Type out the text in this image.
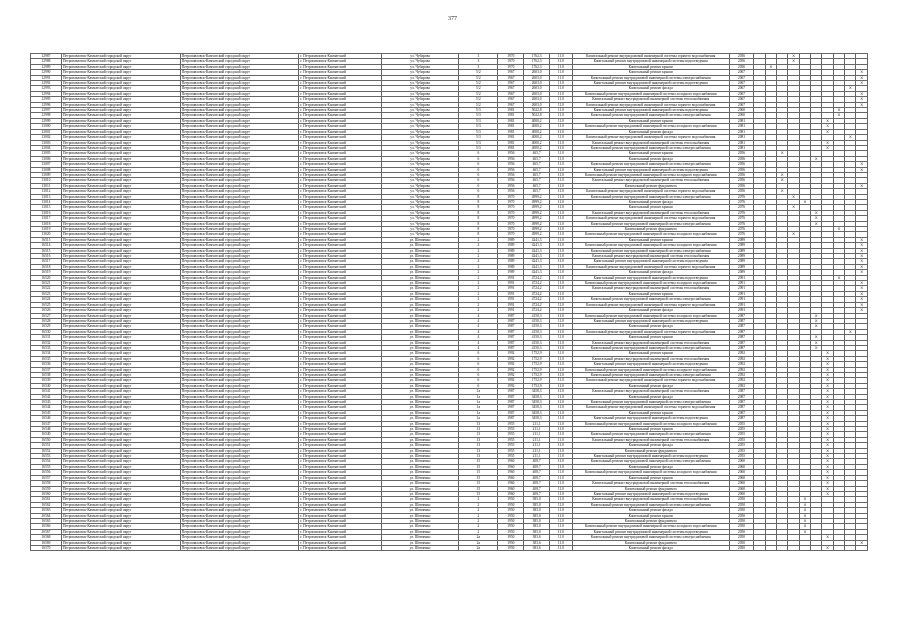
377
12987	Петропавловск-Камчатский городской округ	Петропавловск-Камчатский городской округ	г. Петропавловск-Камчатский	ул. Чубарова	3	1970	1762,3	11.0	Капитальный ремонт внутридомовой инженерной системы горячего водоснабжения	2056				X						
12988	Петропавловск-Камчатский городской округ	Петропавловск-Камчатский городской округ	г. Петропавловск-Камчатский	ул. Чубарова	3	1970	1762,3	11.0	Капитальный ремонт внутридомовой инженерной системы водоотведения	2056				X						
12989	Петропавловск-Камчатский городской округ	Петропавловск-Камчатский городской округ	г. Петропавловск-Камчатский	ул. Чубарова	3	1970	1762,3	11.0	Капитальный ремонт крыши	2056		X								
12990	Петропавловск-Камчатский городской округ	Петропавловск-Камчатский городской округ	г. Петропавловск-Камчатский	ул. Чубарова	5/2	1967	2603,0	11.0	Капитальный ремонт крыши	2067										X
12991	Петропавловск-Камчатский городской округ	Петропавловск-Камчатский городской округ	г. Петропавловск-Камчатский	ул. Чубарова	5/2	1967	2603,0	11.0	Капитальный ремонт внутридомовой инженерной системы электроснабжения	2067										X
12992	Петропавловск-Камчатский городской округ	Петропавловск-Камчатский городской округ	г. Петропавловск-Камчатский	ул. Чубарова	5/2	1967	2603,0	11.0	Капитальный ремонт внутридомовой инженерной системы водоотведения	2067										X
12993	Петропавловск-Камчатский городской округ	Петропавловск-Камчатский городской округ	г. Петропавловск-Камчатский	ул. Чубарова	5/2	1967	2603,0	11.0	Капитальный ремонт фасада	2067									X	
12994	Петропавловск-Камчатский городской округ	Петропавловск-Камчатский городской округ	г. Петропавловск-Камчатский	ул. Чубарова	5/2	1967	2603,0	11.0	Капитальный ремонт внутридомовой инженерной системы холодного водоснабжения	2067										X
12995	Петропавловск-Камчатский городской округ	Петропавловск-Камчатский городской округ	г. Петропавловск-Камчатский	ул. Чубарова	5/2	1967	2603,0	11.0	Капитальный ремонт внутридомовой инженерной системы теплоснабжения	2067										X
12996	Петропавловск-Камчатский городской округ	Петропавловск-Камчатский городской округ	г. Петропавловск-Камчатский	ул. Чубарова	5/2	1967	2603,0	11.0	Капитальный ремонт внутридомовой инженерной системы горячего водоснабжения	2067										X
12997	Петропавловск-Камчатский городской округ	Петропавловск-Камчатский городской округ	г. Петропавловск-Камчатский	ул. Чубарова	5/3	1981	5022,8	11.0	Капитальный ремонт внутридомовой инженерной системы водоотведения	2060								X		
12998	Петропавловск-Камчатский городской округ	Петропавловск-Камчатский городской округ	г. Петропавловск-Камчатский	ул. Чубарова	5/3	1981	5022,8	11.0	Капитальный ремонт внутридомовой инженерной системы электроснабжения	2060								X		
12999	Петропавловск-Камчатский городской округ	Петропавловск-Камчатский городской округ	г. Петропавловск-Камчатский	ул. Чубарова	5/3	1981	4000,2	11.0	Капитальный ремонт крыши	2081							X			
13000	Петропавловск-Камчатский городской округ	Петропавловск-Камчатский городской округ	г. Петропавловск-Камчатский	ул. Чубарова	5/3	1981	4000,2	11.0	Капитальный ремонт внутридомовой инженерной системы холодного водоснабжения	2081							X			
13001	Петропавловск-Камчатский городской округ	Петропавловск-Камчатский городской округ	г. Петропавловск-Камчатский	ул. Чубарова	5/3	1981	4000,2	11.0	Капитальный ремонт фасада	2081							X			
13002	Петропавловск-Камчатский городской округ	Петропавловск-Камчатский городской округ	г. Петропавловск-Камчатский	ул. Чубарова	5/3	1981	4000,2	11.0	Капитальный ремонт внутридомовой инженерной системы горячего водоснабжения	2081									X	
13003	Петропавловск-Камчатский городской округ	Петропавловск-Камчатский городской округ	г. Петропавловск-Камчатский	ул. Чубарова	5/3	1981	4000,2	11.0	Капитальный ремонт внутридомовой инженерной системы теплоснабжения	2081							X			
13004	Петропавловск-Камчатский городской округ	Петропавловск-Камчатский городской округ	г. Петропавловск-Камчатский	ул. Чубарова	5/3	1981	4000,2	11.0	Капитальный ремонт внутридомовой инженерной системы электроснабжения	2081							X			
13005	Петропавловск-Камчатский городской округ	Петропавловск-Камчатский городской округ	г. Петропавловск-Камчатский	ул. Чубарова	6	1956	465,7	11.0	Капитальный ремонт крыши	2056			X							
13006	Петропавловск-Камчатский городской округ	Петропавловск-Камчатский городской округ	г. Петропавловск-Камчатский	ул. Чубарова	6	1956	465,7	11.0	Капитальный ремонт фасада	2056						X				
13007	Петропавловск-Камчатский городской округ	Петропавловск-Камчатский городской округ	г. Петропавловск-Камчатский	ул. Чубарова	6	1956	465,7	11.0	Капитальный ремонт внутридомовой инженерной системы электроснабжения	2056										X
13008	Петропавловск-Камчатский городской округ	Петропавловск-Камчатский городской округ	г. Петропавловск-Камчатский	ул. Чубарова	6	1956	465,7	11.0	Капитальный ремонт внутридомовой инженерной системы водоотведения	2056										X
13009	Петропавловск-Камчатский городской округ	Петропавловск-Камчатский городской округ	г. Петропавловск-Камчатский	ул. Чубарова	6	1956	465,7	11.0	Капитальный ремонт внутридомовой инженерной системы холодного водоснабжения	2056			X							
13010	Петропавловск-Камчатский городской округ	Петропавловск-Камчатский городской округ	г. Петропавловск-Камчатский	ул. Чубарова	6	1956	465,7	11.0	Капитальный ремонт внутридомовой инженерной системы теплоснабжения	2056			X							
13011	Петропавловск-Камчатский городской округ	Петропавловск-Камчатский городской округ	г. Петропавловск-Камчатский	ул. Чубарова	6	1956	465,7	11.0	Капитальный ремонт фундамента	2056										X
13012	Петропавловск-Камчатский городской округ	Петропавловск-Камчатский городской округ	г. Петропавловск-Камчатский	ул. Чубарова	6	1956	465,7	11.0	Капитальный ремонт внутридомовой инженерной системы горячего водоснабжения	2056			X							
13013	Петропавловск-Камчатский городской округ	Петропавловск-Камчатский городской округ	г. Петропавловск-Камчатский	ул. Чубарова	8	1970	4999,2	11.0	Капитальный ремонт внутридомовой инженерной системы электроснабжения	2076				X						
13014	Петропавловск-Камчатский городской округ	Петропавловск-Камчатский городской округ	г. Петропавловск-Камчатский	ул. Чубарова	8	1970	4999,2	11.0	Капитальный ремонт фасада	2076					X					
13015	Петропавловск-Камчатский городской округ	Петропавловск-Камчатский городской округ	г. Петропавловск-Камчатский	ул. Чубарова	8	1970	4999,2	11.0	Капитальный ремонт крыши	2076				X						
13016	Петропавловск-Камчатский городской округ	Петропавловск-Камчатский городской округ	г. Петропавловск-Камчатский	ул. Чубарова	8	1970	4999,2	11.0	Капитальный ремонт внутридомовой инженерной системы теплоснабжения	2076						X				
13017	Петропавловск-Камчатский городской округ	Петропавловск-Камчатский городской округ	г. Петропавловск-Камчатский	ул. Чубарова	8	1970	4999,2	11.0	Капитальный ремонт внутридомовой инженерной системы горячего водоснабжения	2076						X				
13018	Петропавловск-Камчатский городской округ	Петропавловск-Камчатский городской округ	г. Петропавловск-Камчатский	ул. Чубарова	8	1970	4999,2	11.0	Капитальный ремонт внутридомовой инженерной системы электроснабжения	2076						X				
13019	Петропавловск-Камчатский городской округ	Петропавловск-Камчатский городской округ	г. Петропавловск-Камчатский	ул. Чубарова	8	1970	4999,2	11.0	Капитальный ремонт фундамента	2076								X		
13020	Петропавловск-Камчатский городской округ	Петропавловск-Камчатский городской округ	г. Петропавловск-Камчатский	ул. Чубарова	8	1970	4999,2	11.0	Капитальный ремонт внутридомовой инженерной системы холодного водоснабжения	2076				X						
16513	Петропавловск-Камчатский городской округ	Петропавловск-Камчатский городской округ	г. Петропавловск-Камчатский	ул. Шевченко	2	1989	4241,3	11.0	Капитальный ремонт крыши	2089										X
16514	Петропавловск-Камчатский городской округ	Петропавловск-Камчатский городской округ	г. Петропавловск-Камчатский	ул. Шевченко	2	1989	4241,3	11.0	Капитальный ремонт внутридомовой инженерной системы холодного водоснабжения	2089										X
16515	Петропавловск-Камчатский городской округ	Петропавловск-Камчатский городской округ	г. Петропавловск-Камчатский	ул. Шевченко	2	1989	4241,3	11.0	Капитальный ремонт внутридомовой инженерной системы электроснабжения	2089										X
16516	Петропавловск-Камчатский городской округ	Петропавловск-Камчатский городской округ	г. Петропавловск-Камчатский	ул. Шевченко	2	1989	4241,3	11.0	Капитальный ремонт внутридомовой инженерной системы теплоснабжения	2089										X
16517	Петропавловск-Камчатский городской округ	Петропавловск-Камчатский городской округ	г. Петропавловск-Камчатский	ул. Шевченко	2	1989	4241,3	11.0	Капитальный ремонт внутридомовой инженерной системы водоотведения	2089										X
16518	Петропавловск-Камчатский городской округ	Петропавловск-Камчатский городской округ	г. Петропавловск-Камчатский	ул. Шевченко	2	1989	4241,3	11.0	Капитальный ремонт внутридомовой инженерной системы горячего водоснабжения	2089										X
16519	Петропавловск-Камчатский городской округ	Петропавловск-Камчатский городской округ	г. Петропавловск-Камчатский	ул. Шевченко	2	1989	4241,3	11.0	Капитальный ремонт фасада	2089										X
16520	Петропавловск-Камчатский городской округ	Петропавловск-Камчатский городской округ	г. Петропавловск-Камчатский	ул. Шевченко	2	1991	4724,2	11.0	Капитальный ремонт внутридомовой инженерной системы водоотведения	2091								X		
16521	Петропавловск-Камчатский городской округ	Петропавловск-Камчатский городской округ	г. Петропавловск-Камчатский	ул. Шевченко	2	1991	4724,2	11.0	Капитальный ремонт внутридомовой инженерной системы холодного водоснабжения	2091										X
16522	Петропавловск-Камчатский городской округ	Петропавловск-Камчатский городской округ	г. Петропавловск-Камчатский	ул. Шевченко	2	1991	4724,2	11.0	Капитальный ремонт внутридомовой инженерной системы теплоснабжения	2091										X
16523	Петропавловск-Камчатский городской округ	Петропавловск-Камчатский городской округ	г. Петропавловск-Камчатский	ул. Шевченко	2	1991	4724,2	11.0	Капитальный ремонт крыши	2091										X
16524	Петропавловск-Камчатский городской округ	Петропавловск-Камчатский городской округ	г. Петропавловск-Камчатский	ул. Шевченко	2	1991	4724,2	11.0	Капитальный ремонт внутридомовой инженерной системы электроснабжения	2091										X
16525	Петропавловск-Камчатский городской округ	Петропавловск-Камчатский городской округ	г. Петропавловск-Камчатский	ул. Шевченко	2	1991	4724,2	11.0	Капитальный ремонт внутридомовой инженерной системы горячего водоснабжения	2091										X
16526	Петропавловск-Камчатский городской округ	Петропавловск-Камчатский городской округ	г. Петропавловск-Камчатский	ул. Шевченко	2	1991	4724,2	11.0	Капитальный ремонт фасада	2091										X
16527	Петропавловск-Камчатский городской округ	Петропавловск-Камчатский городской округ	г. Петропавловск-Камчатский	ул. Шевченко	4	1987	4150,3	11.0	Капитальный ремонт внутридомовой инженерной системы холодного водоснабжения	2087						X				
16528	Петропавловск-Камчатский городской округ	Петропавловск-Камчатский городской округ	г. Петропавловск-Камчатский	ул. Шевченко	4	1987	4150,3	11.0	Капитальный ремонт внутридомовой инженерной системы водоотведения	2087						X				
16529	Петропавловск-Камчатский городской округ	Петропавловск-Камчатский городской округ	г. Петропавловск-Камчатский	ул. Шевченко	4	1987	4150,3	11.0	Капитальный ремонт фасада	2087						X				
16530	Петропавловск-Камчатский городской округ	Петропавловск-Камчатский городской округ	г. Петропавловск-Камчатский	ул. Шевченко	4	1987	4150,3	11.0	Капитальный ремонт внутридомовой инженерной системы горячего водоснабжения	2087									X	
16531	Петропавловск-Камчатский городской округ	Петропавловск-Камчатский городской округ	г. Петропавловск-Камчатский	ул. Шевченко	4	1987	4150,3	11.0	Капитальный ремонт крыши	2087						X				
16532	Петропавловск-Камчатский городской округ	Петропавловск-Камчатский городской округ	г. Петропавловск-Камчатский	ул. Шевченко	4	1987	4150,3	11.0	Капитальный ремонт внутридомовой инженерной системы теплоснабжения	2087						X				
16533	Петропавловск-Камчатский городской округ	Петропавловск-Камчатский городской округ	г. Петропавловск-Камчатский	ул. Шевченко	4	1987	4150,3	11.0	Капитальный ремонт внутридомовой инженерной системы электроснабжения	2087						X				
16534	Петропавловск-Камчатский городской округ	Петропавловск-Камчатский городской округ	г. Петропавловск-Камчатский	ул. Шевченко	6	1992	1752,9	11.0	Капитальный ремонт крыши	2092							X			
16535	Петропавловск-Камчатский городской округ	Петропавловск-Камчатский городской округ	г. Петропавловск-Камчатский	ул. Шевченко	6	1992	1752,9	11.0	Капитальный ремонт внутридомовой инженерной системы теплоснабжения	2092							X			
16536	Петропавловск-Камчатский городской округ	Петропавловск-Камчатский городской округ	г. Петропавловск-Камчатский	ул. Шевченко	6	1992	1752,9	11.0	Капитальный ремонт внутридомовой инженерной системы водоотведения	2092							X			
16537	Петропавловск-Камчатский городской округ	Петропавловск-Камчатский городской округ	г. Петропавловск-Камчатский	ул. Шевченко	6	1992	1752,9	11.0	Капитальный ремонт внутридомовой инженерной системы холодного водоснабжения	2092							X			
16538	Петропавловск-Камчатский городской округ	Петропавловск-Камчатский городской округ	г. Петропавловск-Камчатский	ул. Шевченко	6	1992	1752,9	11.0	Капитальный ремонт внутридомовой инженерной системы электроснабжения	2092							X			
16539	Петропавловск-Камчатский городской округ	Петропавловск-Камчатский городской округ	г. Петропавловск-Камчатский	ул. Шевченко	6	1992	1752,9	11.0	Капитальный ремонт внутридомовой инженерной системы горячего водоснабжения	2092							X			
16540	Петропавловск-Камчатский городской округ	Петропавловск-Камчатский городской округ	г. Петропавловск-Камчатский	ул. Шевченко	6	1992	1752,9	11.0	Капитальный ремонт фасада	2092							X			
16541	Петропавловск-Камчатский городской округ	Петропавловск-Камчатский городской округ	г. Петропавловск-Камчатский	ул. Шевченко	1а	1987	3458,3	11.0	Капитальный ремонт внутридомовой инженерной системы теплоснабжения	2087							X			
16542	Петропавловск-Камчатский городской округ	Петропавловск-Камчатский городской округ	г. Петропавловск-Камчатский	ул. Шевченко	1а	1987	3458,3	11.0	Капитальный ремонт фасада	2087							X			
16543	Петропавловск-Камчатский городской округ	Петропавловск-Камчатский городской округ	г. Петропавловск-Камчатский	ул. Шевченко	1а	1987	3458,3	11.0	Капитальный ремонт внутридомовой инженерной системы электроснабжения	2087							X			
16544	Петропавловск-Камчатский городской округ	Петропавловск-Камчатский городской округ	г. Петропавловск-Камчатский	ул. Шевченко	1а	1987	3458,3	11.0	Капитальный ремонт внутридомовой инженерной системы горячего водоснабжения	2087							X			
16545	Петропавловск-Камчатский городской округ	Петропавловск-Камчатский городской округ	г. Петропавловск-Камчатский	ул. Шевченко	1а	1987	3458,3	11.0	Капитальный ремонт крыши	2087							X			
16546	Петропавловск-Камчатский городской округ	Петропавловск-Камчатский городской округ	г. Петропавловск-Камчатский	ул. Шевченко	1а	1987	3458,3	11.0	Капитальный ремонт внутридомовой инженерной системы водоотведения	2087							X			
16547	Петропавловск-Камчатский городской округ	Петропавловск-Камчатский городской округ	г. Петропавловск-Камчатский	ул. Шевченко	13	1955	211,1	11.0	Капитальный ремонт внутридомовой инженерной системы холодного водоснабжения	2055							X			
16548	Петропавловск-Камчатский городской округ	Петропавловск-Камчатский городской округ	г. Петропавловск-Камчатский	ул. Шевченко	13	1955	211,1	11.0	Капитальный ремонт крыши	2055							X			
16549	Петропавловск-Камчатский городской округ	Петропавловск-Камчатский городской округ	г. Петропавловск-Камчатский	ул. Шевченко	13	1955	211,1	11.0	Капитальный ремонт внутридомовой инженерной системы электроснабжения	2055							X			
16550	Петропавловск-Камчатский городской округ	Петропавловск-Камчатский городской округ	г. Петропавловск-Камчатский	ул. Шевченко	13	1955	211,1	11.0	Капитальный ремонт внутридомовой инженерной системы теплоснабжения	2055							X			
16551	Петропавловск-Камчатский городской округ	Петропавловск-Камчатский городской округ	г. Петропавловск-Камчатский	ул. Шевченко	13	1955	211,1	11.0	Капитальный ремонт фасада	2055							X			
16552	Петропавловск-Камчатский городской округ	Петропавловск-Камчатский городской округ	г. Петропавловск-Камчатский	ул. Шевченко	13	1955	211,1	11.0	Капитальный ремонт фундамента	2055							X			
16553	Петропавловск-Камчатский городской округ	Петропавловск-Камчатский городской округ	г. Петропавловск-Камчатский	ул. Шевченко	13	1955	211,1	11.0	Капитальный ремонт внутридомовой инженерной системы водоотведения	2055							X			
16554	Петропавловск-Камчатский городской округ	Петропавловск-Камчатский городской округ	г. Петропавловск-Камчатский	ул. Шевченко	15	1960	408,7	11.0	Капитальный ремонт внутридомовой инженерной системы электроснабжения	2060							X			
16555	Петропавловск-Камчатский городской округ	Петропавловск-Камчатский городской округ	г. Петропавловск-Камчатский	ул. Шевченко	15	1960	408,7	11.0	Капитальный ремонт фасада	2060							X			
16556	Петропавловск-Камчатский городской округ	Петропавловск-Камчатский городской округ	г. Петропавловск-Камчатский	ул. Шевченко	15	1960	408,7	11.0	Капитальный ремонт внутридомовой инженерной системы холодного водоснабжения	2060							X			
16557	Петропавловск-Камчатский городской округ	Петропавловск-Камчатский городской округ	г. Петропавловск-Камчатский	ул. Шевченко	15	1960	408,7	11.0	Капитальный ремонт крыши	2060							X			
16558	Петропавловск-Камчатский городской округ	Петропавловск-Камчатский городской округ	г. Петропавловск-Камчатский	ул. Шевченко	15	1960	408,7	11.0	Капитальный ремонт внутридомовой инженерной системы теплоснабжения	2060							X			
16559	Петропавловск-Камчатский городской округ	Петропавловск-Камчатский городской округ	г. Петропавловск-Камчатский	ул. Шевченко	15	1960	408,7	11.0	Капитальный ремонт фундамента	2060							X			
16560	Петропавловск-Камчатский городской округ	Петропавловск-Камчатский городской округ	г. Петропавловск-Камчатский	ул. Шевченко	15	1960	408,7	11.0	Капитальный ремонт внутридомовой инженерной системы водоотведения	2060							X			
16561	Петропавловск-Камчатский городской округ	Петропавловск-Камчатский городской округ	г. Петропавловск-Камчатский	ул. Шевченко	2	1950	385,0	11.0	Капитальный ремонт внутридомовой инженерной системы теплоснабжения	2050					X					
16562	Петропавловск-Камчатский городской округ	Петропавловск-Камчатский городской округ	г. Петропавловск-Камчатский	ул. Шевченко	2	1950	385,0	11.0	Капитальный ремонт внутридомовой инженерной системы электроснабжения	2050					X					
16563	Петропавловск-Камчатский городской округ	Петропавловск-Камчатский городской округ	г. Петропавловск-Камчатский	ул. Шевченко	2	1950	385,0	11.0	Капитальный ремонт фасада	2050					X					
16564	Петропавловск-Камчатский городской округ	Петропавловск-Камчатский городской округ	г. Петропавловск-Камчатский	ул. Шевченко	2	1950	385,0	11.0	Капитальный ремонт крыши	2050					X					
16565	Петропавловск-Камчатский городской округ	Петропавловск-Камчатский городской округ	г. Петропавловск-Камчатский	ул. Шевченко	2	1950	385,0	11.0	Капитальный ремонт фундамента	2050					X					
16566	Петропавловск-Камчатский городской округ	Петропавловск-Камчатский городской округ	г. Петропавловск-Камчатский	ул. Шевченко	2	1950	385,0	11.0	Капитальный ремонт внутридомовой инженерной системы холодного водоснабжения	2050					X					
16567	Петропавловск-Камчатский городской округ	Петропавловск-Камчатский городской округ	г. Петропавловск-Камчатский	ул. Шевченко	2	1950	385,0	11.0	Капитальный ремонт внутридомовой инженерной системы водоотведения	2050					X					
16568	Петропавловск-Камчатский городской округ	Петропавловск-Камчатский городской округ	г. Петропавловск-Камчатский	ул. Шевченко	2а	1950	383,6	11.0	Капитальный ремонт внутридомовой инженерной системы электроснабжения	2050							X			
16569	Петропавловск-Камчатский городской округ	Петропавловск-Камчатский городской округ	г. Петропавловск-Камчатский	ул. Шевченко	2а	1950	383,6	11.0	Капитальный ремонт фундамента	2050										X
16570	Петропавловск-Камчатский городской округ	Петропавловск-Камчатский городской округ	г. Петропавловск-Камчатский	ул. Шевченко	2а	1950	383,6	11.0	Капитальный ремонт фасада	2050							X			
